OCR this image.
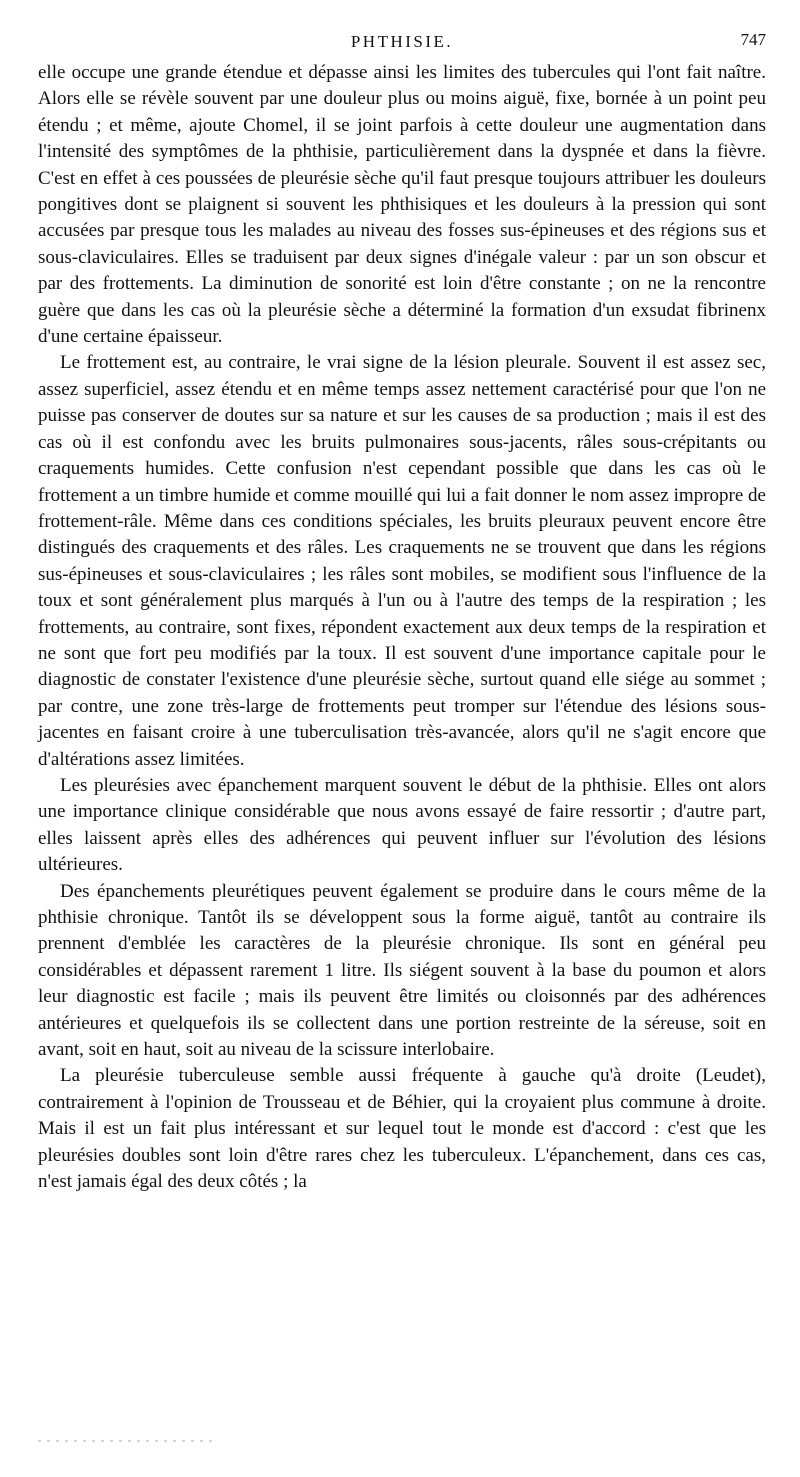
PHTHISIE.	747

elle occupe une grande étendue et dépasse ainsi les limites des tubercules qui l'ont fait naître. Alors elle se révèle souvent par une douleur plus ou moins aiguë, fixe, bornée à un point peu étendu ; et même, ajoute Chomel, il se joint parfois à cette douleur une augmentation dans l'intensité des symptômes de la phthisie, particulièrement dans la dyspnée et dans la fièvre. C'est en effet à ces poussées de pleurésie sèche qu'il faut presque toujours attribuer les douleurs pongitives dont se plaignent si souvent les phthisiques et les douleurs à la pression qui sont accusées par presque tous les malades au niveau des fosses sus-épineuses et des régions sus et sous-claviculaires. Elles se traduisent par deux signes d'inégale valeur : par un son obscur et par des frottements. La diminution de sonorité est loin d'être constante ; on ne la rencontre guère que dans les cas où la pleurésie sèche a déterminé la formation d'un exsudat fibrinenx d'une certaine épaisseur.

Le frottement est, au contraire, le vrai signe de la lésion pleurale. Souvent il est assez sec, assez superficiel, assez étendu et en même temps assez nettement caractérisé pour que l'on ne puisse pas conserver de doutes sur sa nature et sur les causes de sa production ; mais il est des cas où il est confondu avec les bruits pulmonaires sous-jacents, râles sous-crépitants ou craquements humides. Cette confusion n'est cependant possible que dans les cas où le frottement a un timbre humide et comme mouillé qui lui a fait donner le nom assez impropre de frottement-râle. Même dans ces conditions spéciales, les bruits pleuraux peuvent encore être distingués des craquements et des râles. Les craquements ne se trouvent que dans les régions sus-épineuses et sous-claviculaires ; les râles sont mobiles, se modifient sous l'influence de la toux et sont généralement plus marqués à l'un ou à l'autre des temps de la respiration ; les frottements, au contraire, sont fixes, répondent exactement aux deux temps de la respiration et ne sont que fort peu modifiés par la toux. Il est souvent d'une importance capitale pour le diagnostic de constater l'existence d'une pleurésie sèche, surtout quand elle siége au sommet ; par contre, une zone très-large de frottements peut tromper sur l'étendue des lésions sous-jacentes en faisant croire à une tuberculisation très-avancée, alors qu'il ne s'agit encore que d'altérations assez limitées.

Les pleurésies avec épanchement marquent souvent le début de la phthisie. Elles ont alors une importance clinique considérable que nous avons essayé de faire ressortir ; d'autre part, elles laissent après elles des adhérences qui peuvent influer sur l'évolution des lésions ultérieures.

Des épanchements pleurétiques peuvent également se produire dans le cours même de la phthisie chronique. Tantôt ils se développent sous la forme aiguë, tantôt au contraire ils prennent d'emblée les caractères de la pleurésie chronique. Ils sont en général peu considérables et dépassent rarement 1 litre. Ils siégent souvent à la base du poumon et alors leur diagnostic est facile ; mais ils peuvent être limités ou cloisonnés par des adhérences antérieures et quelquefois ils se collectent dans une portion restreinte de la séreuse, soit en avant, soit en haut, soit au niveau de la scissure interlobaire.

La pleurésie tuberculeuse semble aussi fréquente à gauche qu'à droite (Leudet), contrairement à l'opinion de Trousseau et de Béhier, qui la croyaient plus commune à droite. Mais il est un fait plus intéressant et sur lequel tout le monde est d'accord : c'est que les pleurésies doubles sont loin d'être rares chez les tuberculeux. L'épanchement, dans ces cas, n'est jamais égal des deux côtés ; la
